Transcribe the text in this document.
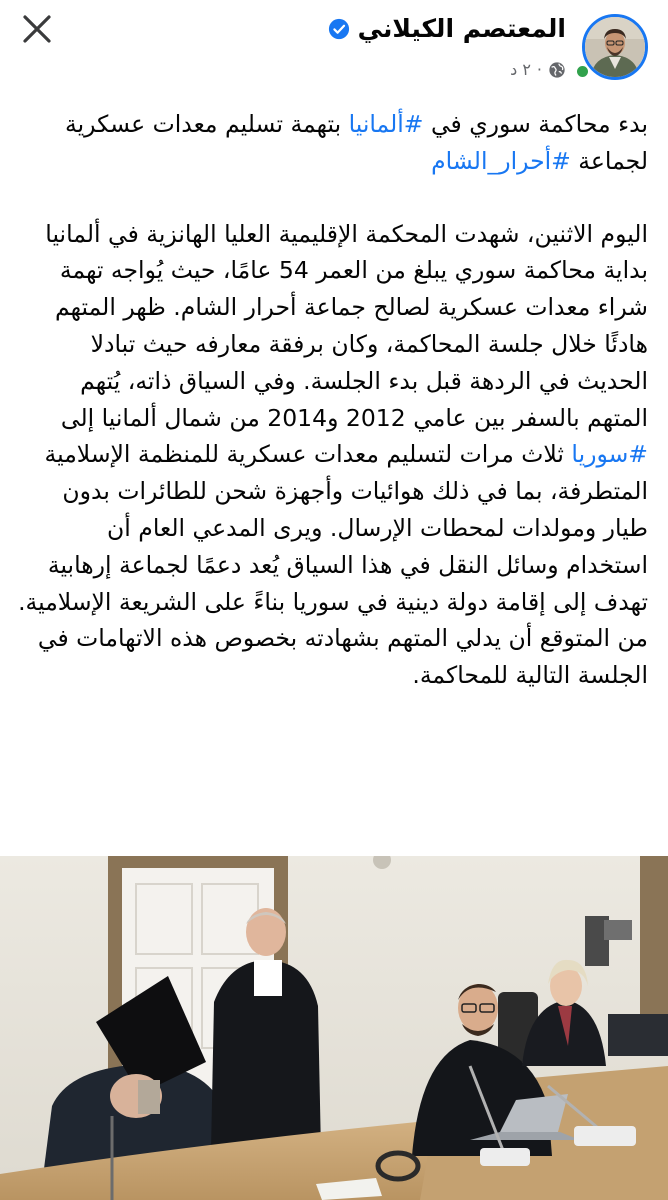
المعتصم الكيلاني
٢ د ·

بدء محاكمة سوري في #ألمانيا بتهمة تسليم معدات عسكرية لجماعة #أحرار_الشام

اليوم الاثنين، شهدت المحكمة الإقليمية العليا الهانزية في ألمانيا بداية محاكمة سوري يبلغ من العمر 54 عامًا، حيث يُواجه تهمة شراء معدات عسكرية لصالح جماعة أحرار الشام. ظهر المتهم هادئًا خلال جلسة المحاكمة، وكان برفقة معارفه حيث تبادلا الحديث في الردهة قبل بدء الجلسة. وفي السياق ذاته، يُتهم المتهم بالسفر بين عامي 2012 و2014 من شمال ألمانيا إلى #سوريا ثلاث مرات لتسليم معدات عسكرية للمنظمة الإسلامية المتطرفة، بما في ذلك هوائيات وأجهزة شحن للطائرات بدون طيار ومولدات لمحطات الإرسال. ويرى المدعي العام أن استخدام وسائل النقل في هذا السياق يُعد دعمًا لجماعة إرهابية تهدف إلى إقامة دولة دينية في سوريا بناءً على الشريعة الإسلامية. من المتوقع أن يدلي المتهم بشهادته بخصوص هذه الاتهامات في الجلسة التالية للمحاكمة.
